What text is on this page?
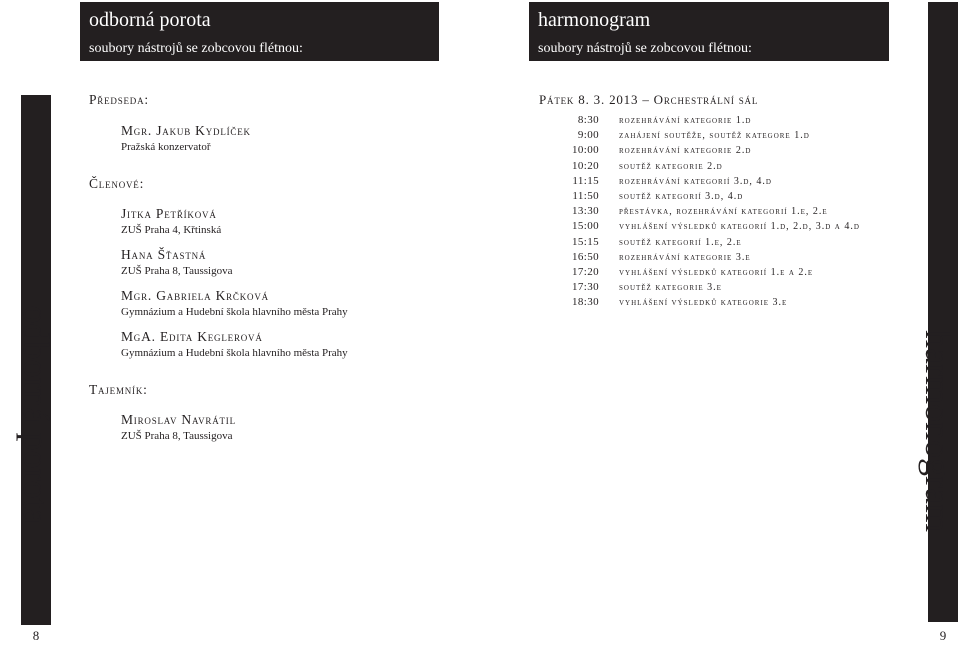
odborná porota
soubory nástrojů se zobcovou flétnou:
odborná porota
8
Předseda:
Mgr. Jakub Kydlíček
Pražská konzervatoř
Členové:
Jitka Petříková
ZUŠ Praha 4, Křtinská
Hana Šťastná
ZUŠ Praha 8, Taussigova
Mgr. Gabriela Krčková
Gymnázium a Hudební škola hlavního města Prahy
MgA. Edita Keglerová
Gymnázium a Hudební škola hlavního města Prahy
Tajemník:
Miroslav Navrátil
ZUŠ Praha 8, Taussigova
harmonogram
soubory nástrojů se zobcovou flétnou:
harmonogram
9
Pátek 8. 3. 2013 – Orchestrální sál
8:30	rozehrávání kategorie 1.d
9:00	zahájení soutěže, soutěž kategore 1.d
10:00	rozehrávání kategorie 2.d
10:20	soutěž kategorie 2.d
11:15	rozehrávání kategorií 3.d, 4.d
11:50	soutěž kategorií 3.d, 4.d
13:30	přestávka, rozehrávání kategorií 1.e, 2.e
15:00	vyhlášení výsledků kategorií 1.d, 2.d, 3.d a 4.d
15:15	soutěž kategorií 1.e, 2.e
16:50	rozehrávání kategorie 3.e
17:20	vyhlášení výsledků kategorií 1.e a 2.e
17:30	soutěž kategorie 3.e
18:30	vyhlášení výsledků kategorie 3.e
